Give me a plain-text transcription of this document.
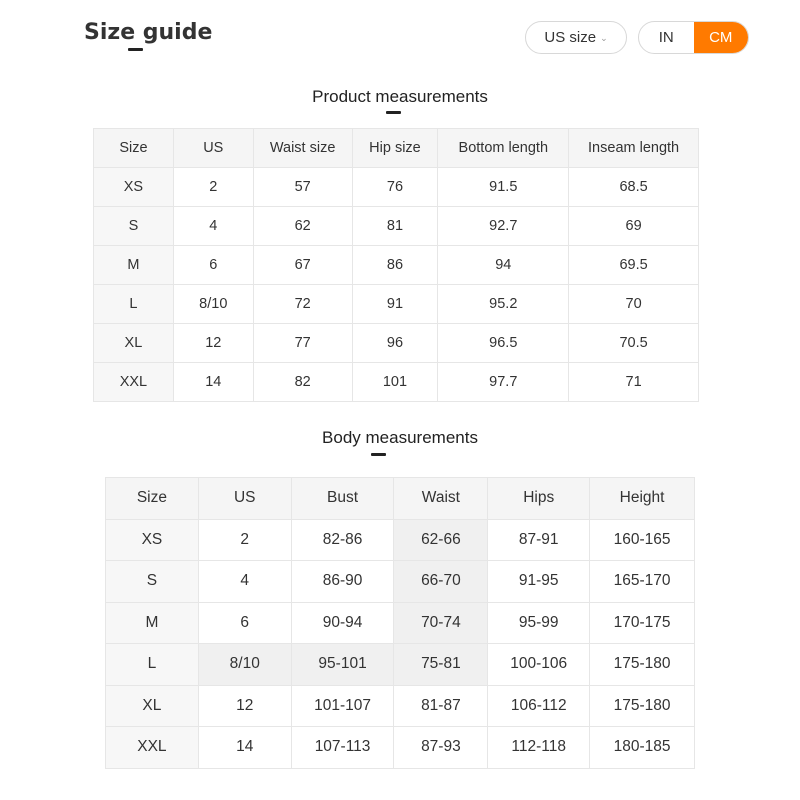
Size guide	US size ⌄	IN	CM
Product measurements
Size	US	Waist size	Hip size	Bottom length	Inseam length
XS	2	57	76	91.5	68.5
S	4	62	81	92.7	69
M	6	67	86	94	69.5
L	8/10	72	91	95.2	70
XL	12	77	96	96.5	70.5
XXL	14	82	101	97.7	71
Body measurements
Size	US	Bust	Waist	Hips	Height
XS	2	82-86	62-66	87-91	160-165
S	4	86-90	66-70	91-95	165-170
M	6	90-94	70-74	95-99	170-175
L	8/10	95-101	75-81	100-106	175-180
XL	12	101-107	81-87	106-112	175-180
XXL	14	107-113	87-93	112-118	180-185
